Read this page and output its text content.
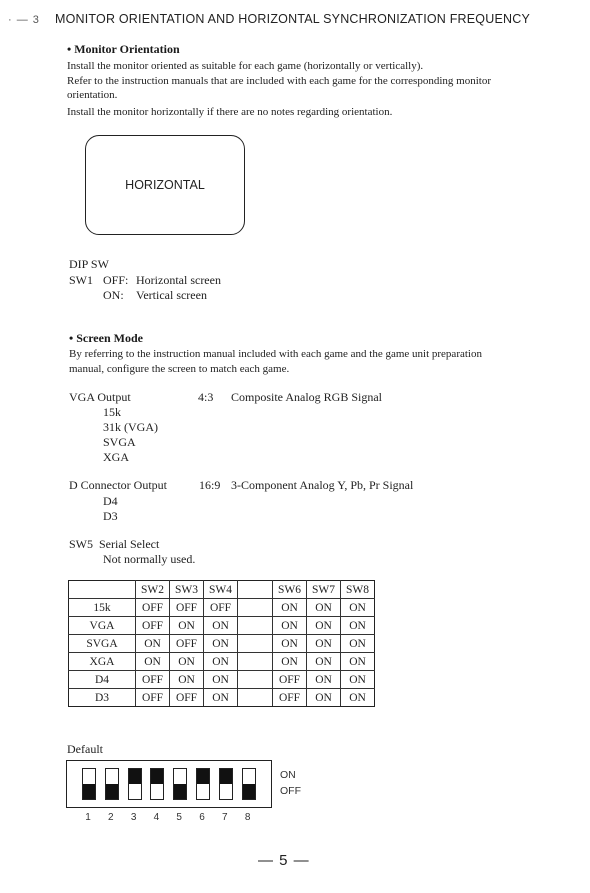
· — 3 MONITOR ORIENTATION AND HORIZONTAL SYNCHRONIZATION FREQUENCY
• Monitor Orientation
Install the monitor oriented as suitable for each game (horizontally or vertically).
Refer to the instruction manuals that are included with each game for the corresponding monitor
orientation.
Install the monitor horizontally if there are no notes regarding orientation.
HORIZONTAL
DIP SW
SW1 OFF: Horizontal screen
ON: Vertical screen
• Screen Mode
By referring to the instruction manual included with each game and the game unit preparation
manual, configure the screen to match each game.
VGA Output	4:3 Composite Analog RGB Signal
15k
31k (VGA)
SVGA
XGA
D Connector Output	16:9 3-Component Analog Y, Pb, Pr Signal
D4
D3
SW5  Serial Select
Not normally used.
	SW2	SW3	SW4		SW6	SW7	SW8
15k	OFF	OFF	OFF		ON	ON	ON
VGA	OFF	ON	ON		ON	ON	ON
SVGA	ON	OFF	ON		ON	ON	ON
XGA	ON	ON	ON		ON	ON	ON
D4	OFF	ON	ON		OFF	ON	ON
D3	OFF	OFF	ON		OFF	ON	ON
Default
ON
OFF
1	2	3	4	5	6	7	8
— 5 —
